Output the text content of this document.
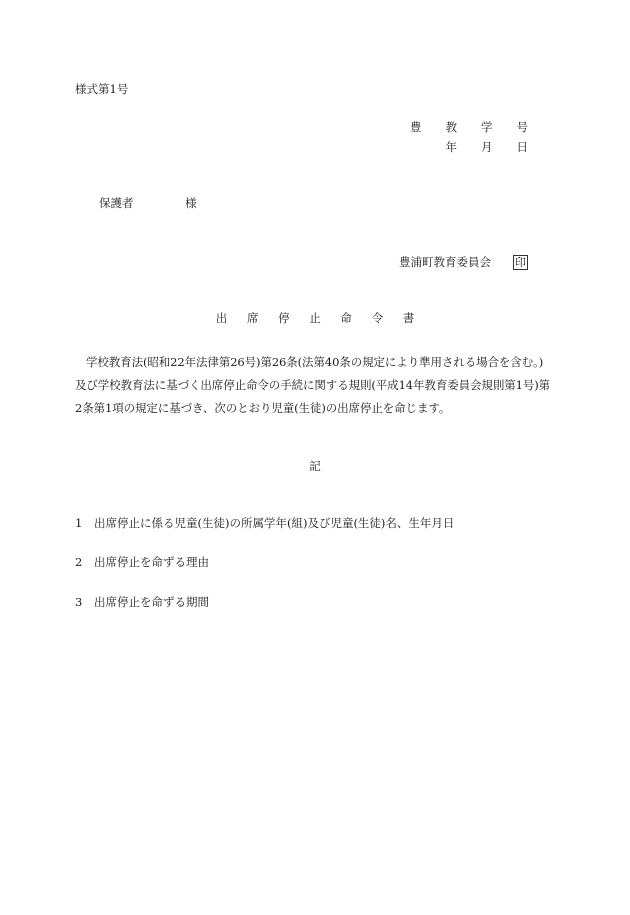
様式第1号
豊 教 学 号
年 月 日
保護者	様
豊浦町教育委員会 印
出 席 停 止 命 令 書
学校教育法(昭和22年法律第26号)第26条(法第40条の規定により準用される場合を含む。)及び学校教育法に基づく出席停止命令の手続に関する規則(平成14年教育委員会規則第1号)第2条第1項の規定に基づき、次のとおり児童(生徒)の出席停止を命じます。
記
1 出席停止に係る児童(生徒)の所属学年(組)及び児童(生徒)名、生年月日
2 出席停止を命ずる理由
3 出席停止を命ずる期間
